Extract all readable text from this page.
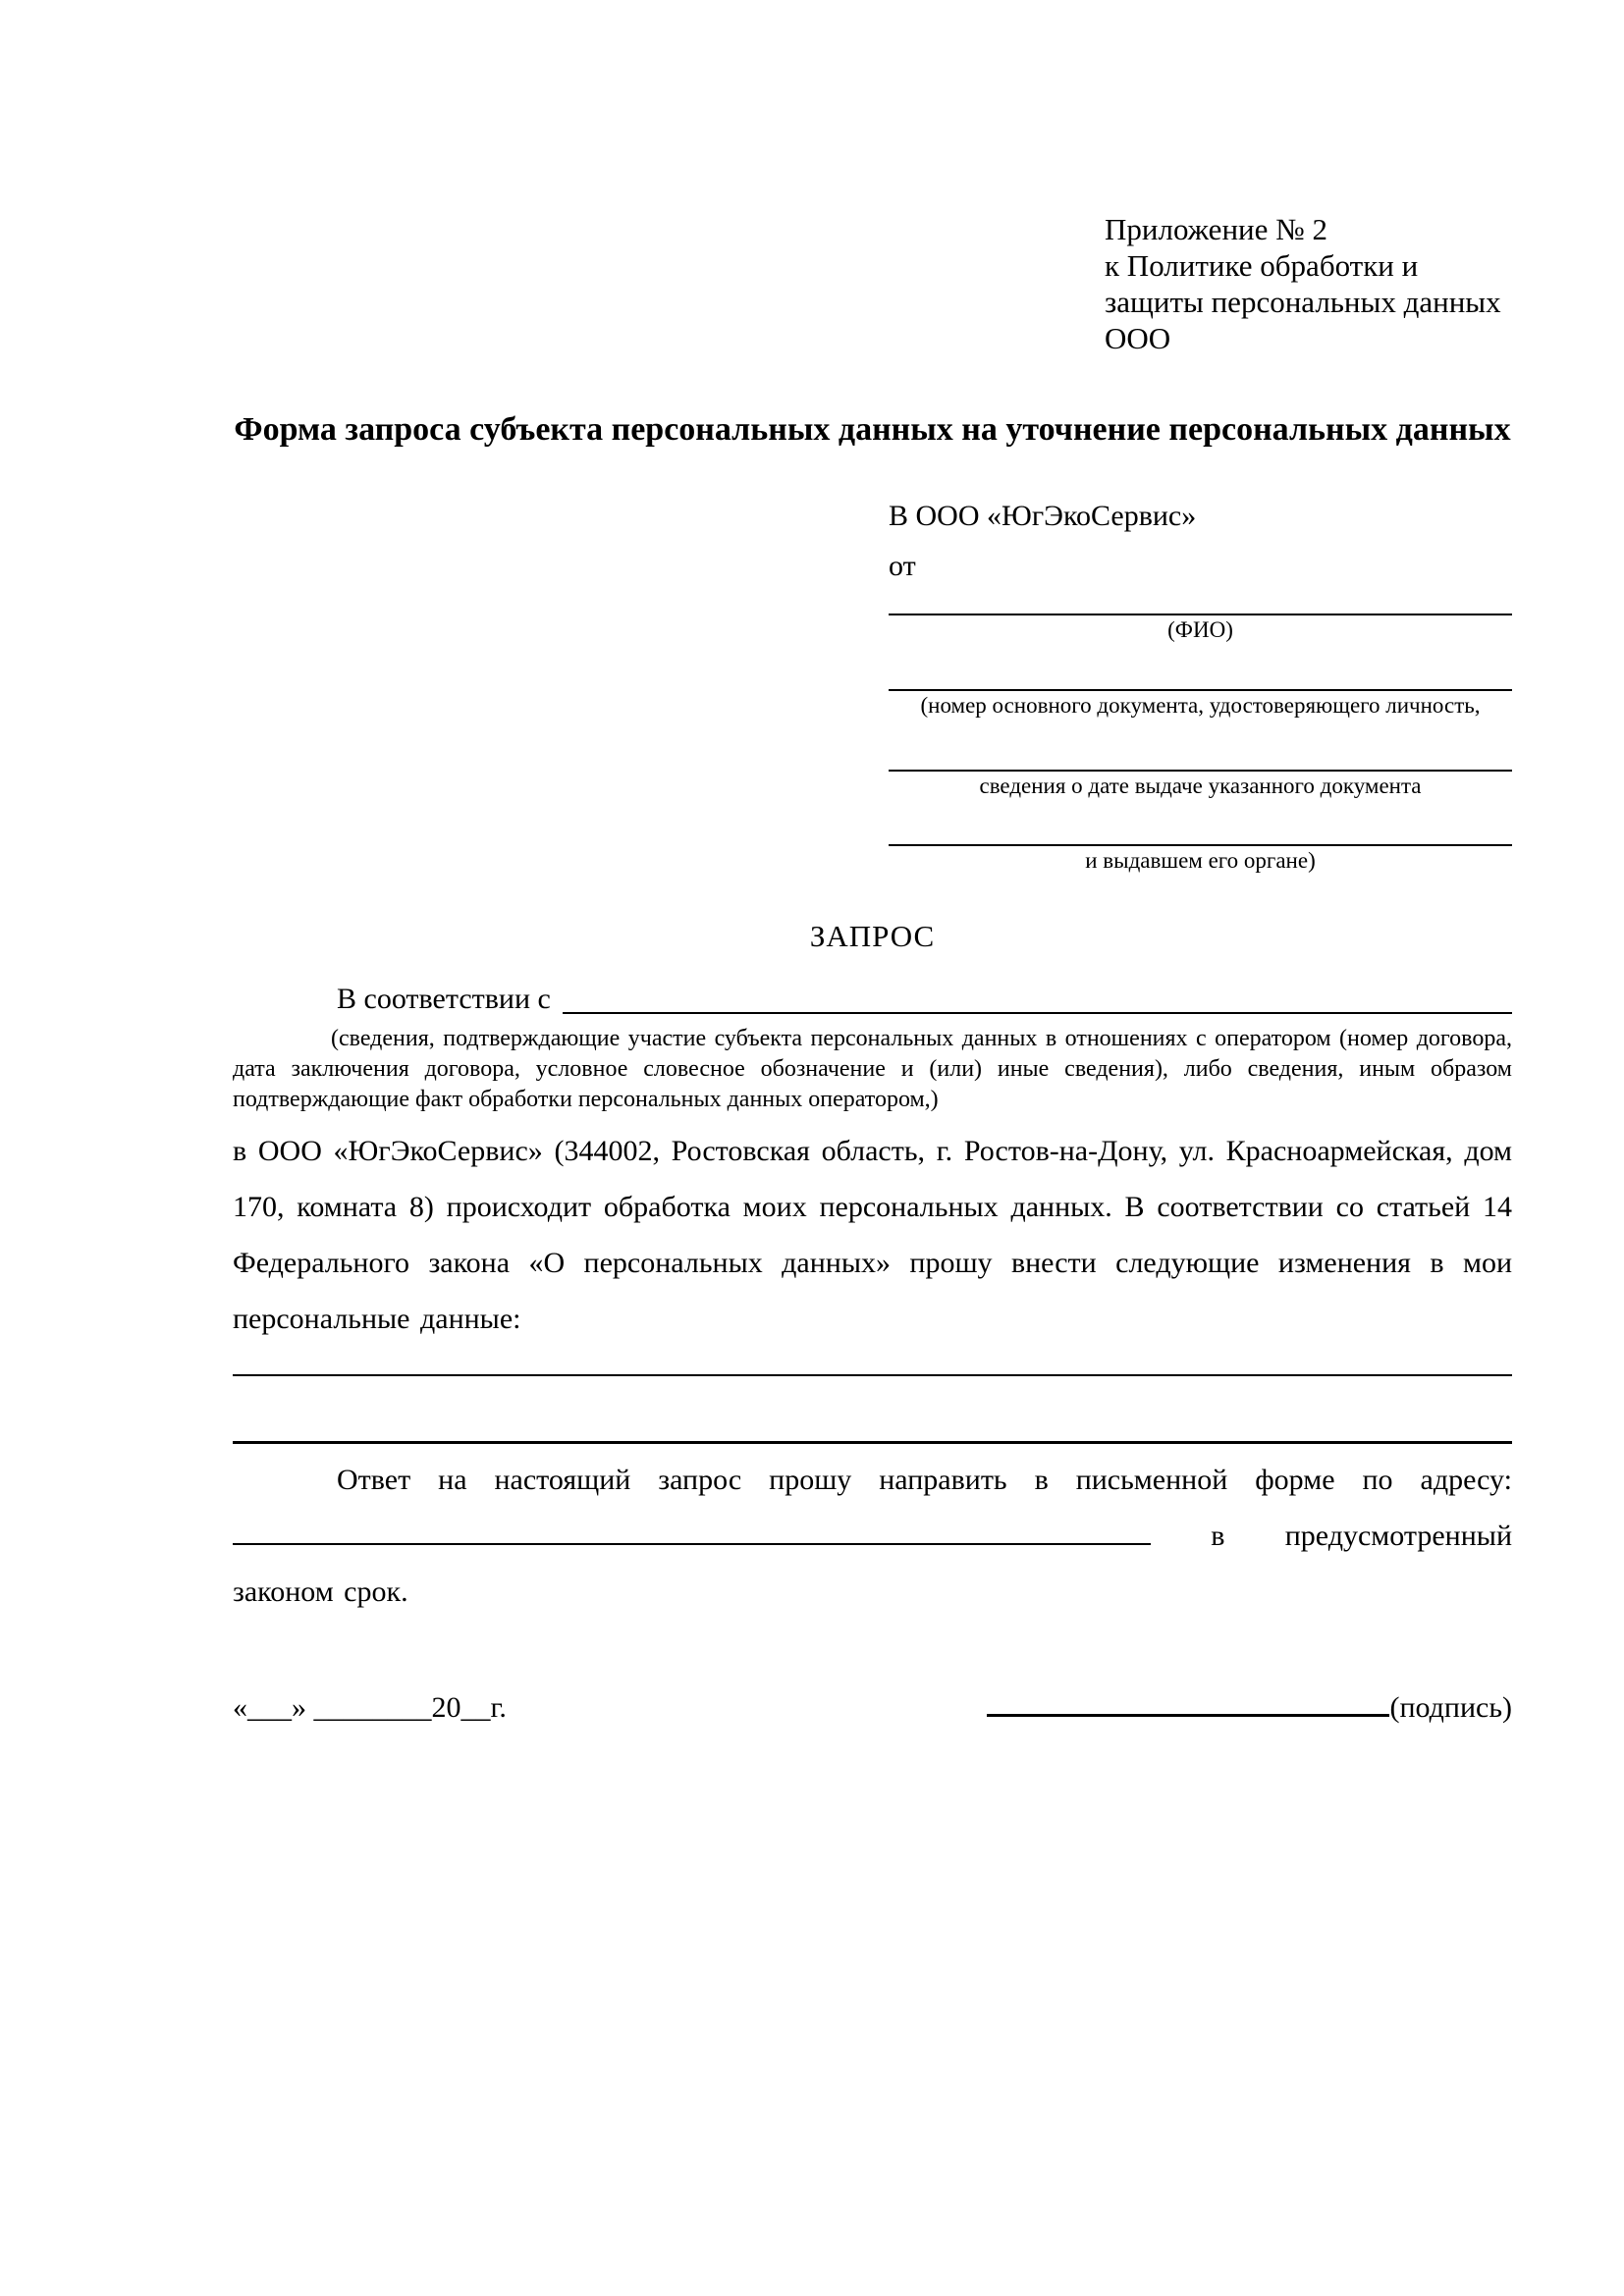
Приложение № 2
к Политике обработки и
защиты персональных данных
ООО
Форма запроса субъекта персональных данных на уточнение персональных данных
В ООО «ЮгЭкоСервис»
от
(ФИО)
(номер основного документа, удостоверяющего личность,
сведения о дате выдаче указанного документа
и выдавшем его органе)
ЗАПРОС
В соответствии с
(сведения, подтверждающие участие субъекта персональных данных в отношениях с оператором (номер договора, дата заключения договора, условное словесное обозначение и (или) иные сведения), либо сведения, иным образом подтверждающие факт обработки персональных данных оператором,)

в ООО «ЮгЭкоСервис» (344002, Ростовская область, г. Ростов-на-Дону, ул. Красноармейская, дом 170, комната 8) происходит обработка моих персональных данных. В соответствии со статьей 14 Федерального закона «О персональных данных» прошу внести следующие изменения в мои персональные данные:

Ответ на настоящий запрос прошу направить в письменной форме по адресу:  в предусмотренный законом срок.

«___» ________20__г.	(подпись)
